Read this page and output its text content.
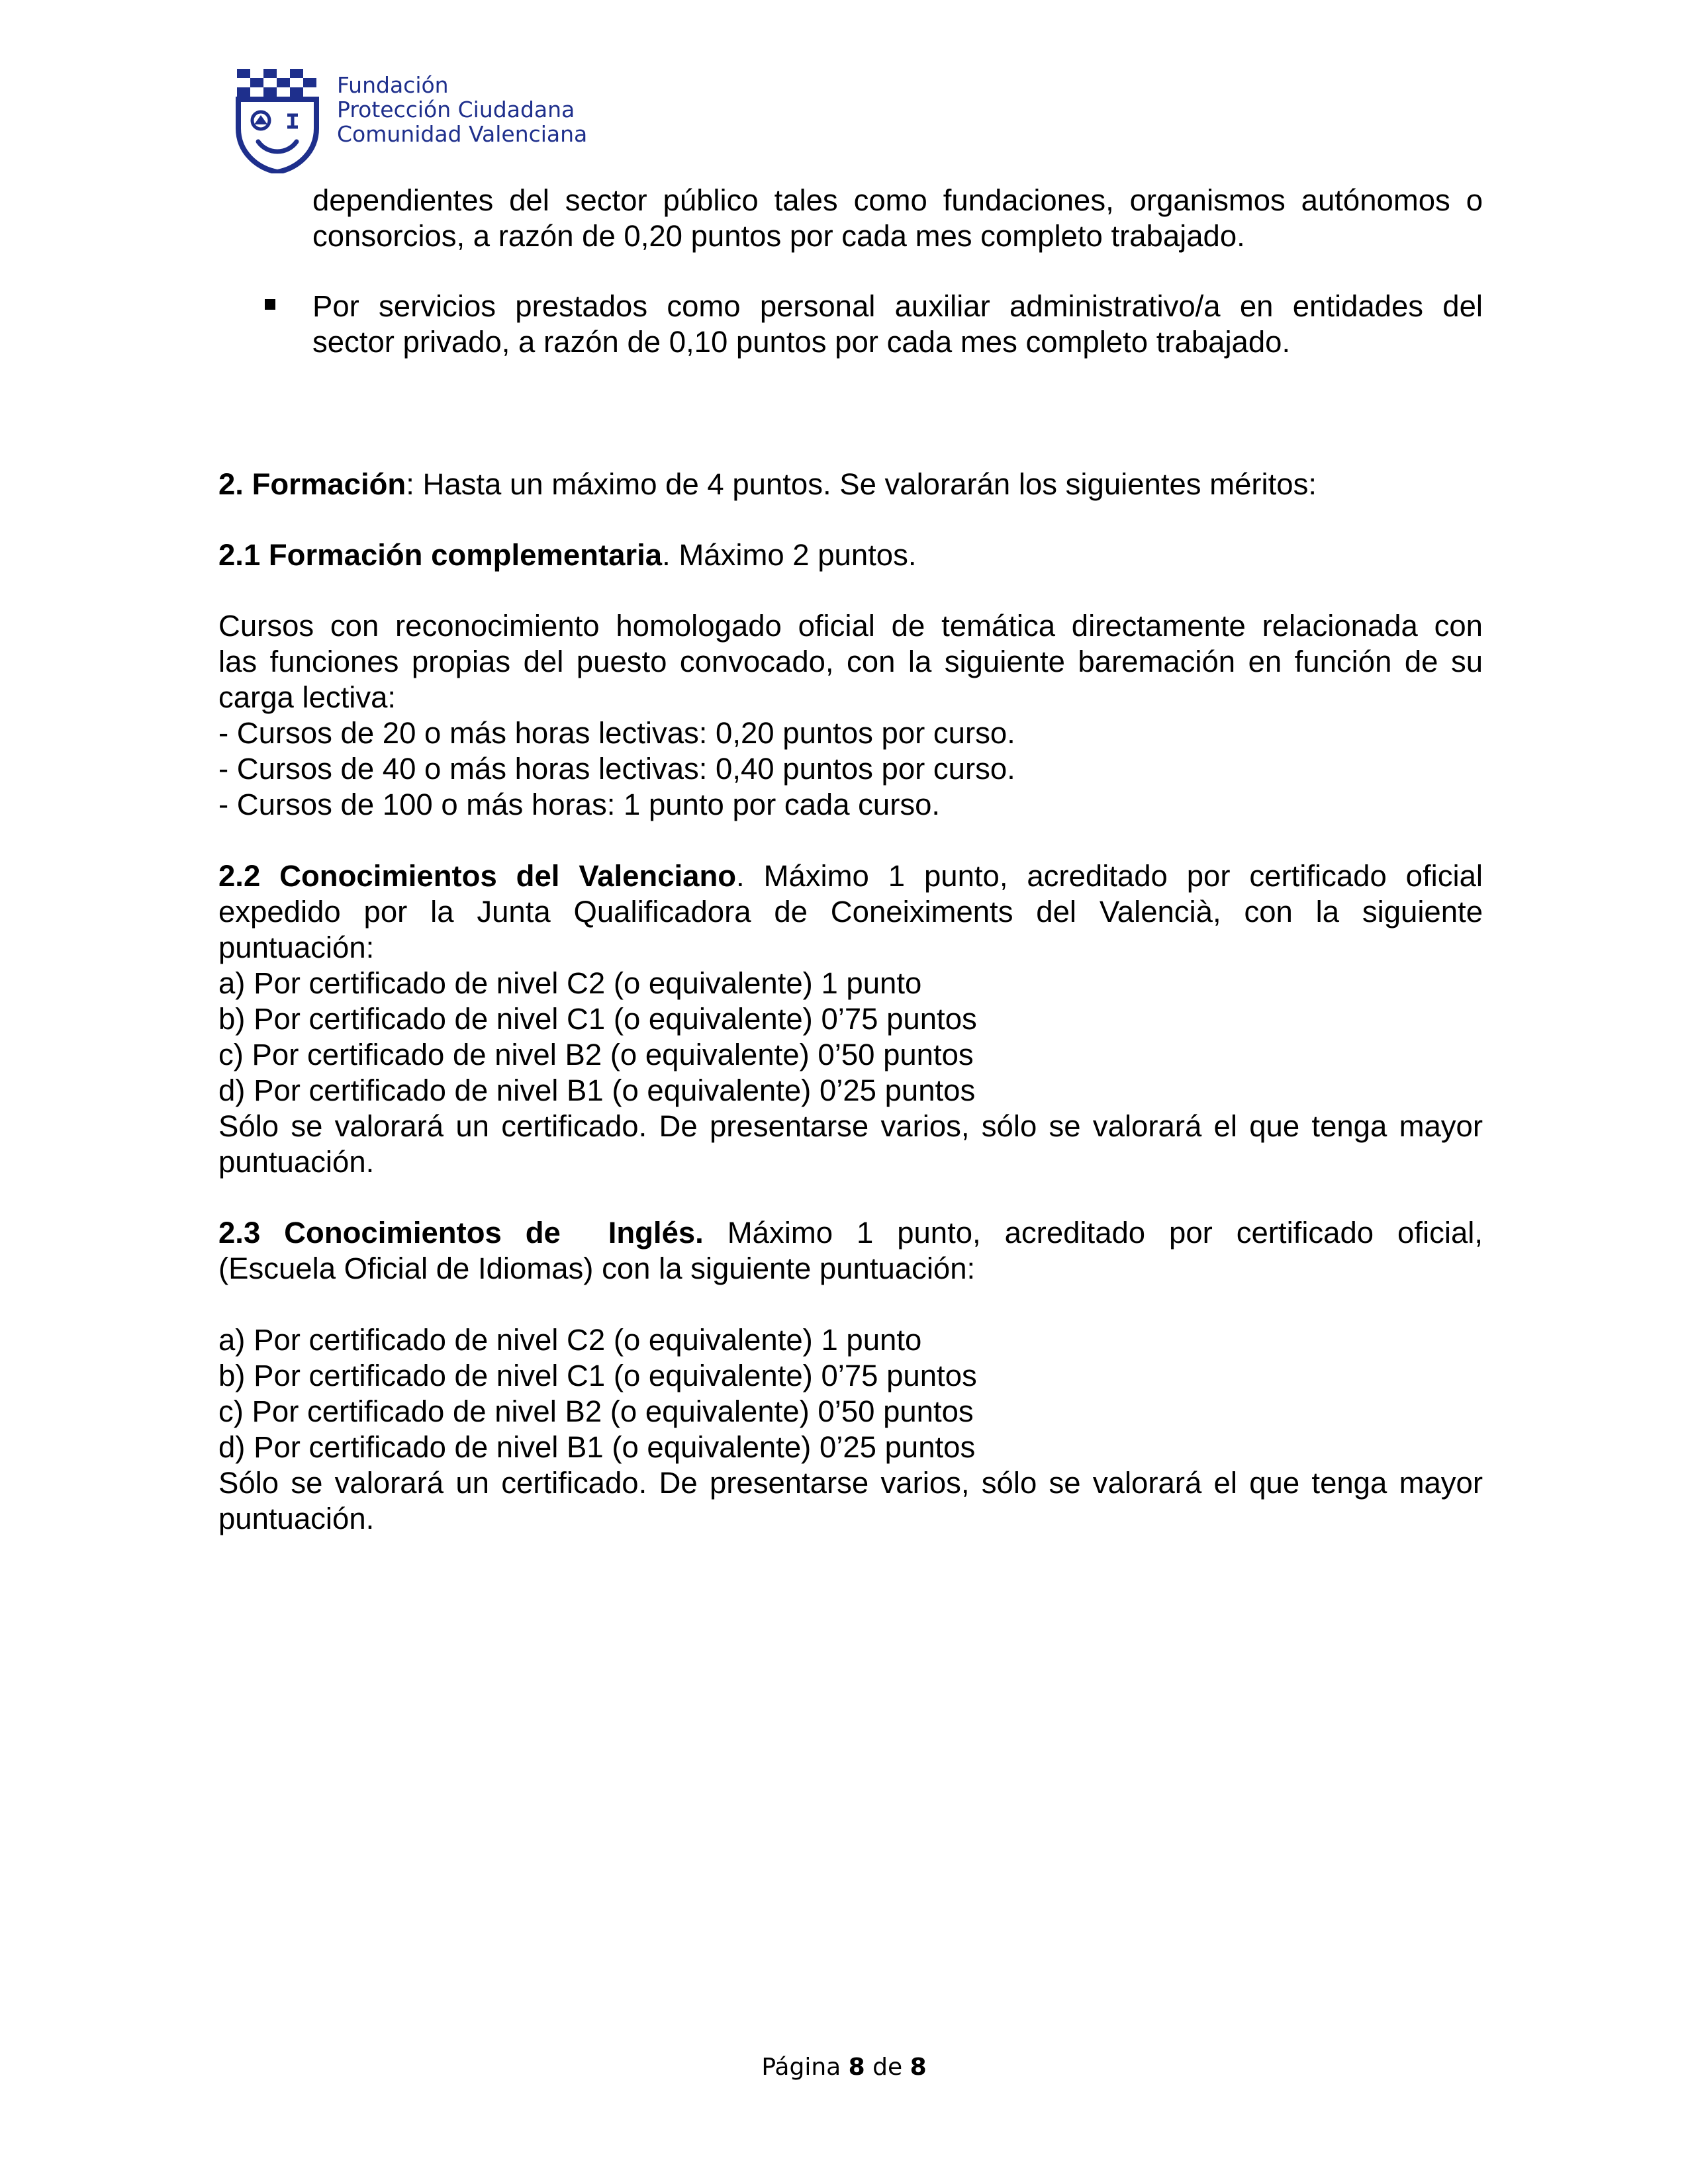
Fundación
Protección Ciudadana
Comunidad Valenciana

dependientes del sector público tales como fundaciones, organismos autónomos o

consorcios, a razón de 0,20 puntos por cada mes completo trabajado.

Por servicios prestados como personal auxiliar administrativo/a en entidades del

sector privado, a razón de 0,10 puntos por cada mes completo trabajado.

2. Formación: Hasta un máximo de 4 puntos. Se valorarán los siguientes méritos:

2.1 Formación complementaria. Máximo 2 puntos.

Cursos con reconocimiento homologado oficial de temática directamente relacionada con

las funciones propias del puesto convocado, con la siguiente baremación en función de su

carga lectiva:

- Cursos de 20 o más horas lectivas: 0,20 puntos por curso.

- Cursos de 40 o más horas lectivas: 0,40 puntos por curso.

- Cursos de 100 o más horas: 1 punto por cada curso.

2.2 Conocimientos del Valenciano. Máximo 1 punto, acreditado por certificado oficial

expedido por la Junta Qualificadora de Coneiximents del Valencià, con la siguiente

puntuación:

a) Por certificado de nivel C2 (o equivalente) 1 punto

b) Por certificado de nivel C1 (o equivalente) 0’75 puntos

c) Por certificado de nivel B2 (o equivalente) 0’50 puntos

d) Por certificado de nivel B1 (o equivalente) 0’25 puntos

Sólo se valorará un certificado. De presentarse varios, sólo se valorará el que tenga mayor

puntuación.

2.3 Conocimientos de  Inglés. Máximo 1 punto, acreditado por certificado oficial,

(Escuela Oficial de Idiomas) con la siguiente puntuación:

a) Por certificado de nivel C2 (o equivalente) 1 punto

b) Por certificado de nivel C1 (o equivalente) 0’75 puntos

c) Por certificado de nivel B2 (o equivalente) 0’50 puntos

d) Por certificado de nivel B1 (o equivalente) 0’25 puntos

Sólo se valorará un certificado. De presentarse varios, sólo se valorará el que tenga mayor

puntuación.

Página 8 de 8
